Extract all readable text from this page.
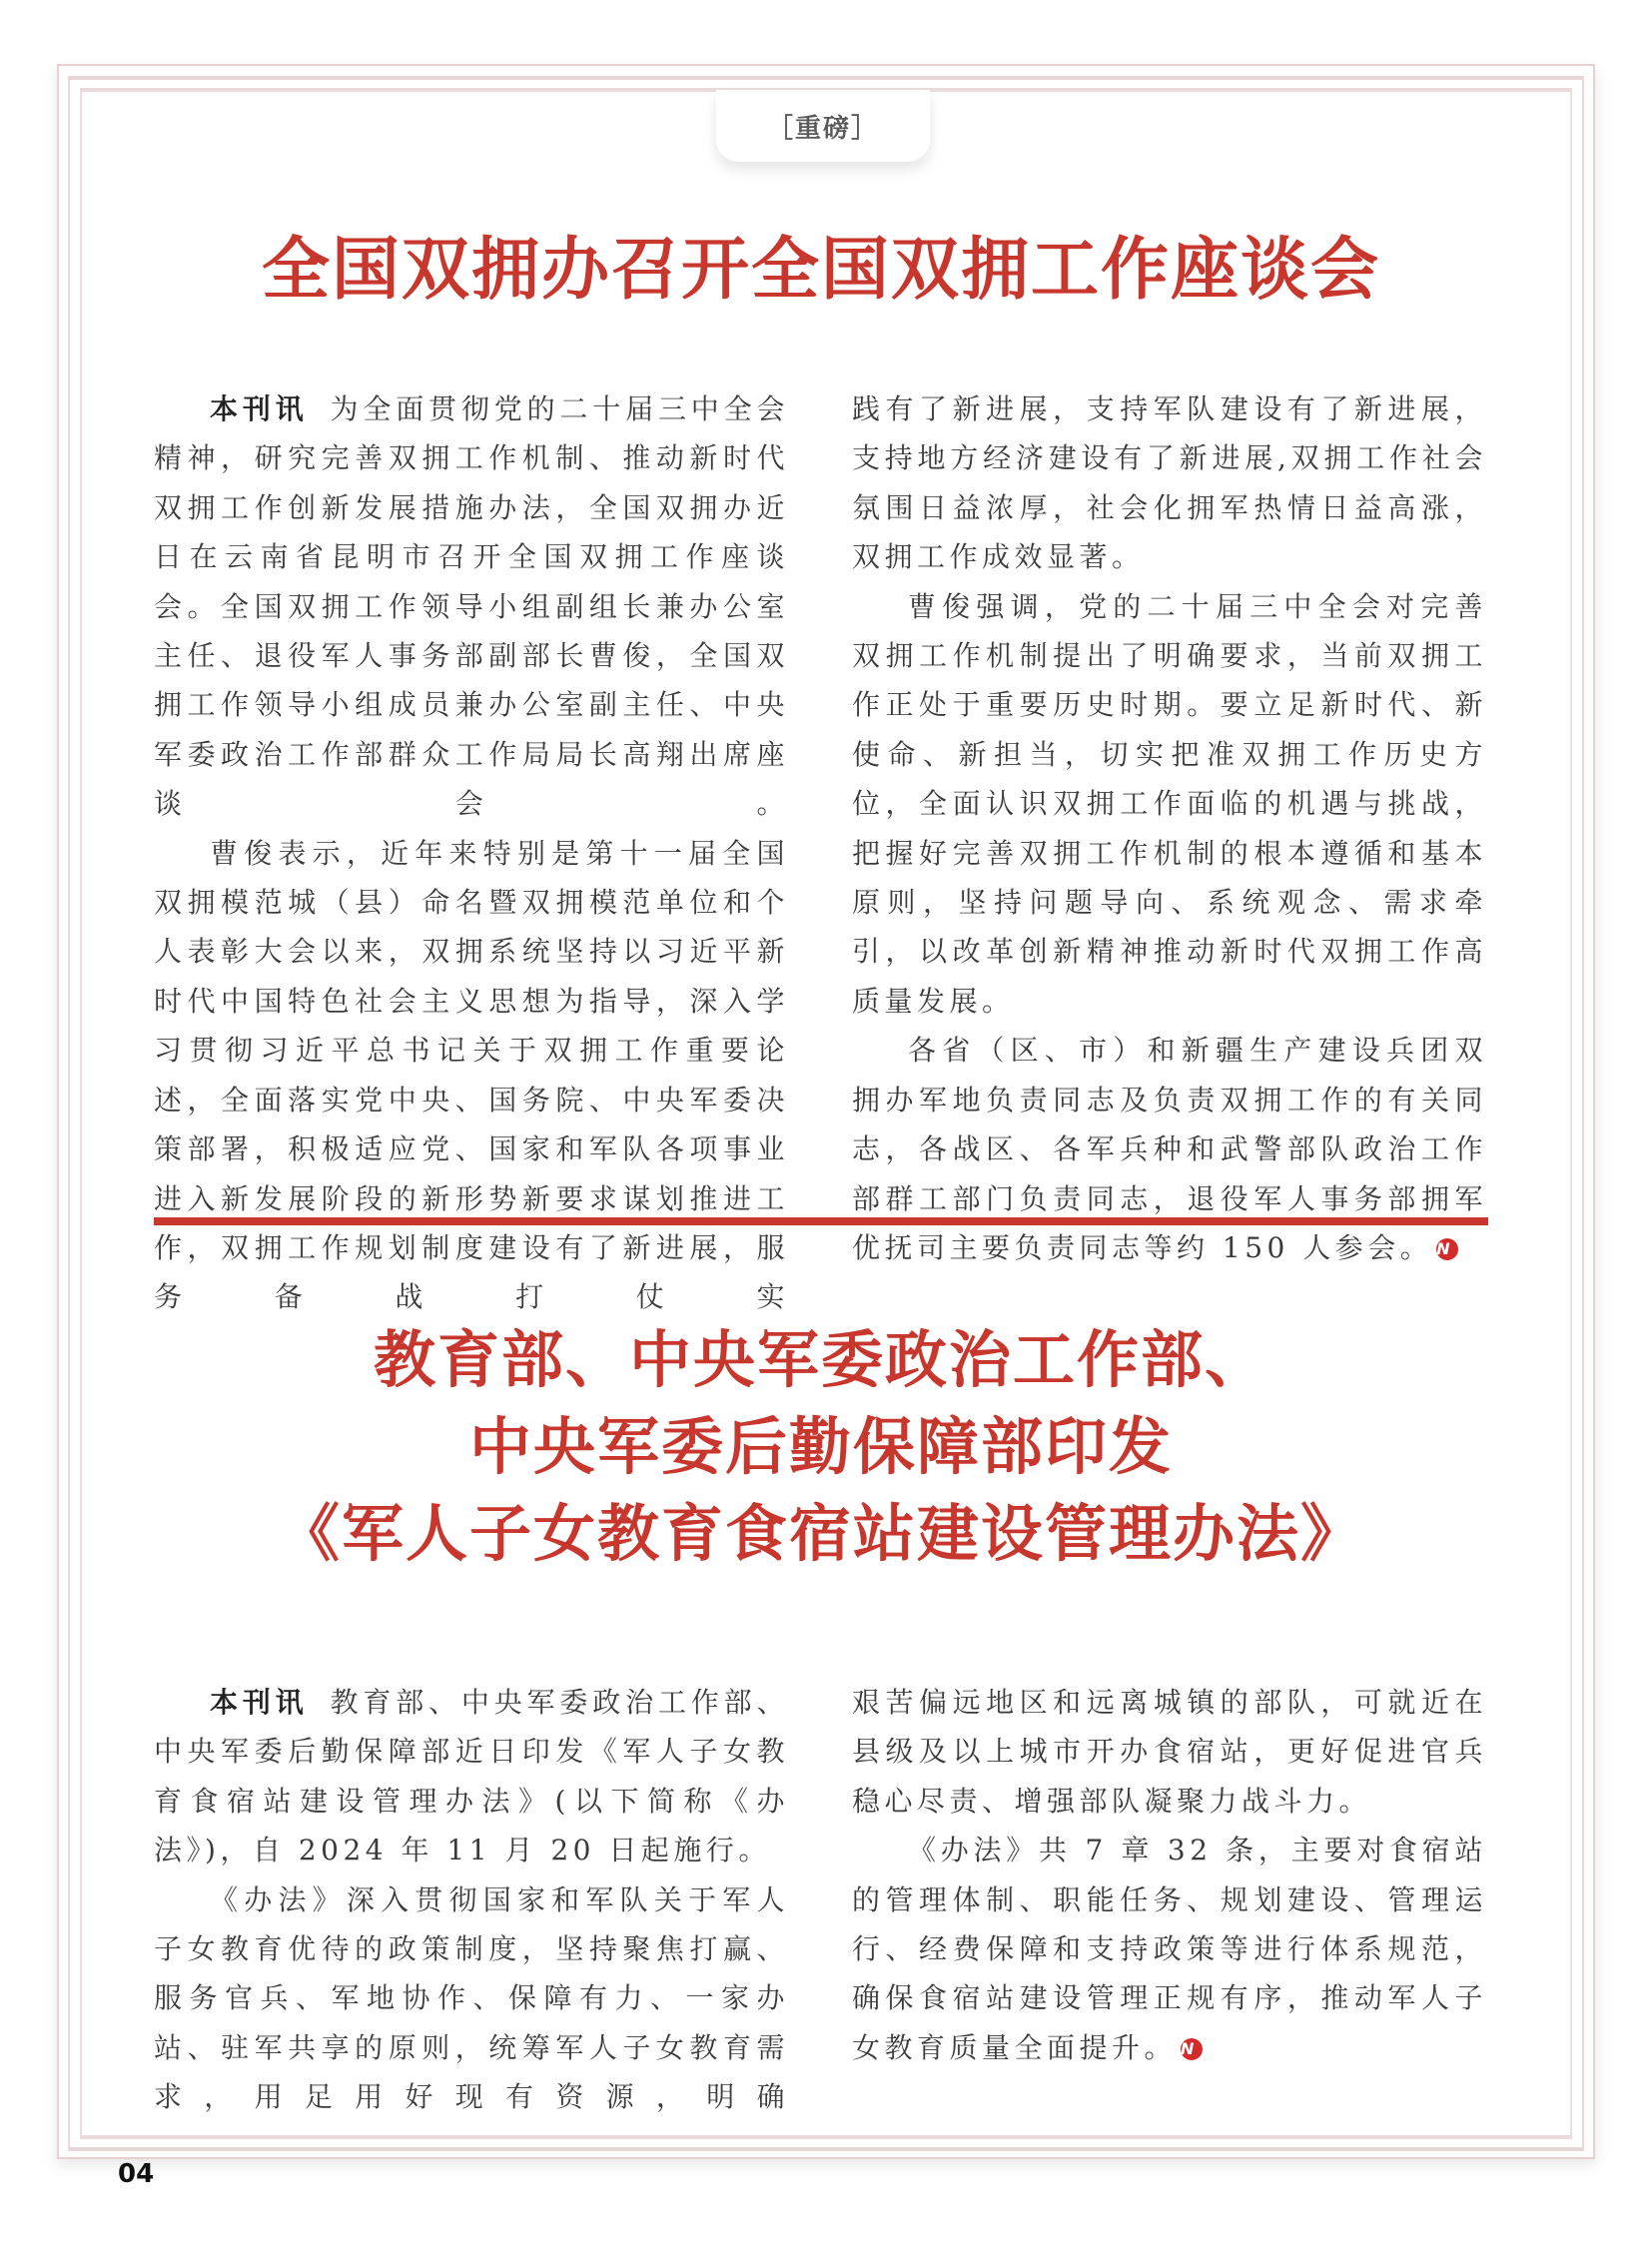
［重磅］
全国双拥办召开全国双拥工作座谈会

本刊讯 为全面贯彻党的二十届三中全会精神，研究完善双拥工作机制、推动新时代双拥工作创新发展措施办法，全国双拥办近日在云南省昆明市召开全国双拥工作座谈会。全国双拥工作领导小组副组长兼办公室主任、退役军人事务部副部长曹俊，全国双拥工作领导小组成员兼办公室副主任、中央军委政治工作部群众工作局局长高翔出席座谈会。

曹俊表示，近年来特别是第十一届全国双拥模范城（县）命名暨双拥模范单位和个人表彰大会以来，双拥系统坚持以习近平新时代中国特色社会主义思想为指导，深入学习贯彻习近平总书记关于双拥工作重要论述，全面落实党中央、国务院、中央军委决策部署，积极适应党、国家和军队各项事业进入新发展阶段的新形势新要求谋划推进工作，双拥工作规划制度建设有了新进展，服务备战打仗实

践有了新进展，支持军队建设有了新进展，支持地方经济建设有了新进展,双拥工作社会氛围日益浓厚，社会化拥军热情日益高涨，双拥工作成效显著。

曹俊强调，党的二十届三中全会对完善双拥工作机制提出了明确要求，当前双拥工作正处于重要历史时期。要立足新时代、新使命、新担当，切实把准双拥工作历史方位，全面认识双拥工作面临的机遇与挑战，把握好完善双拥工作机制的根本遵循和基本原则，坚持问题导向、系统观念、需求牵引，以改革创新精神推动新时代双拥工作高质量发展。

各省（区、市）和新疆生产建设兵团双拥办军地负责同志及负责双拥工作的有关同志，各战区、各军兵种和武警部队政治工作部群工部门负责同志，退役军人事务部拥军优抚司主要负责同志等约 150 人参会。 N

教育部、中央军委政治工作部、
中央军委后勤保障部印发
《军人子女教育食宿站建设管理办法》

本刊讯 教育部、中央军委政治工作部、中央军委后勤保障部近日印发《军人子女教育食宿站建设管理办法》(以下简称《办法》)，自 2024 年 11 月 20 日起施行。

《办法》深入贯彻国家和军队关于军人子女教育优待的政策制度，坚持聚焦打赢、服务官兵、军地协作、保障有力、一家办站、驻军共享的原则，统筹军人子女教育需求，用足用好现有资源，明确

艰苦偏远地区和远离城镇的部队，可就近在县级及以上城市开办食宿站，更好促进官兵稳心尽责、增强部队凝聚力战斗力。

《办法》共 7 章 32 条，主要对食宿站的管理体制、职能任务、规划建设、管理运行、经费保障和支持政策等进行体系规范，确保食宿站建设管理正规有序，推动军人子女教育质量全面提升。 N

04
